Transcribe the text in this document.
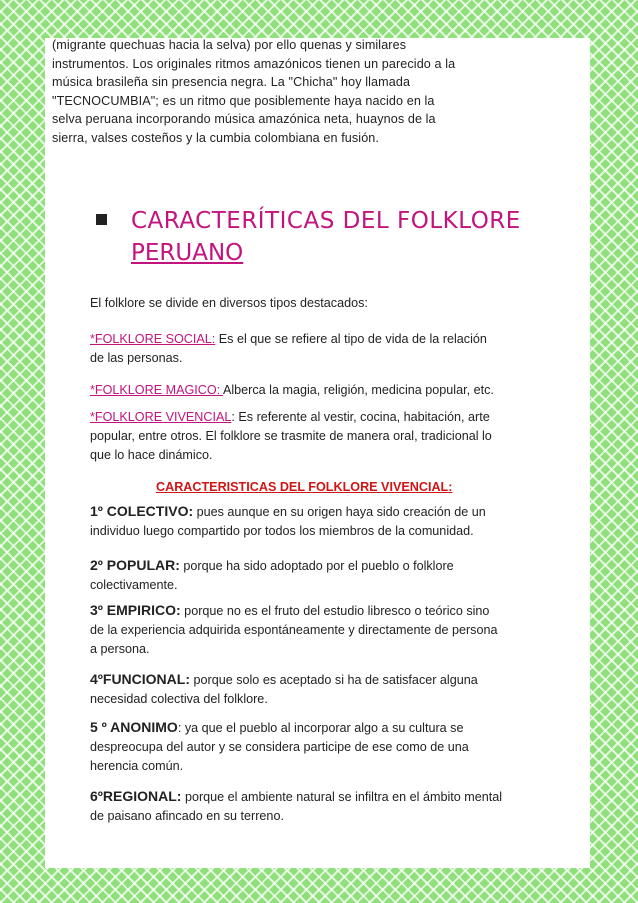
(migrante quechuas hacia la selva) por ello quenas y similares

instrumentos. Los originales ritmos amazónicos tienen un parecido a la

música brasileña sin presencia negra. La "Chicha" hoy llamada

"TECNOCUMBIA"; es un ritmo que posiblemente haya nacido en la

selva peruana incorporando música amazónica neta, huaynos de la

sierra, valses costeños y la cumbia colombiana en fusión.

CARACTERÍTICAS DEL FOLKLORE
PERUANO
El folklore se divide en diversos tipos destacados:
*FOLKLORE SOCIAL: Es el que se refiere al tipo de vida de la relación
de las personas.
*FOLKLORE MAGICO: Alberca la magia, religión, medicina popular, etc.
*FOLKLORE VIVENCIAL: Es referente al vestir, cocina, habitación, arte
popular, entre otros. El folklore se trasmite de manera oral, tradicional lo
que lo hace dinámico.
CARACTERISTICAS DEL FOLKLORE VIVENCIAL:
1º COLECTIVO: pues aunque en su origen haya sido creación de un
individuo luego compartido por todos los miembros de la comunidad.
2º POPULAR: porque ha sido adoptado por el pueblo o folklore
colectivamente.
3º EMPIRICO: porque no es el fruto del estudio libresco o teórico sino
de la experiencia adquirida espontáneamente y directamente de persona
a persona.
4ºFUNCIONAL: porque solo es aceptado si ha de satisfacer alguna
necesidad colectiva del folklore.
5 º ANONIMO: ya que el pueblo al incorporar algo a su cultura se
despreocupa del autor y se considera participe de ese como de una
herencia común.
6ºREGIONAL: porque el ambiente natural se infiltra en el ámbito mental
de paisano afincado en su terreno.
